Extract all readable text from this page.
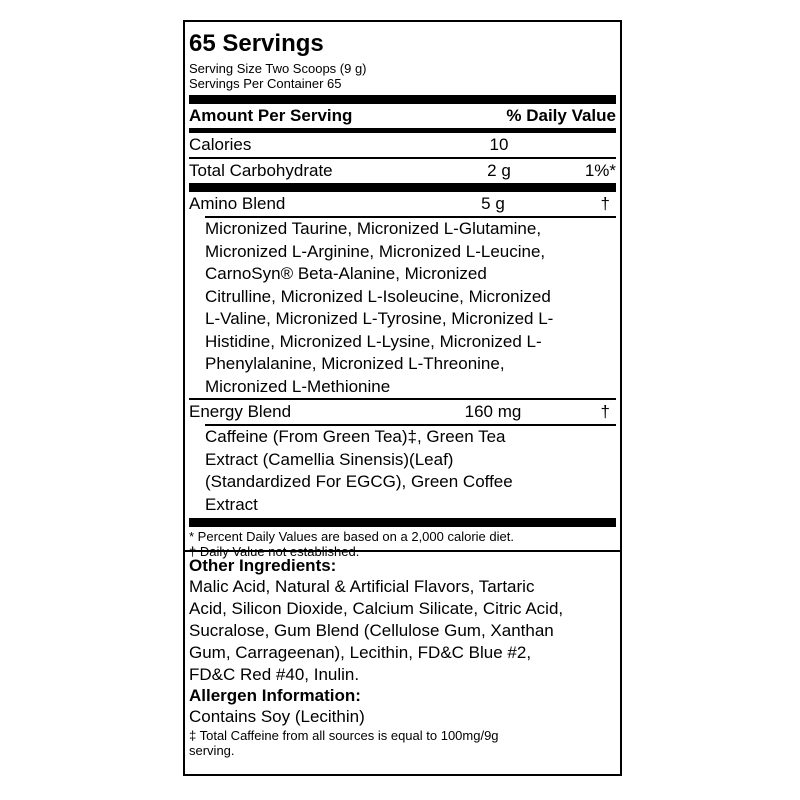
65 Servings
Serving Size Two Scoops (9 g)
Servings Per Container 65
Amount Per Serving	% Daily Value
Calories	10
Total Carbohydrate	2 g	1%*
Amino Blend	5 g	†
Micronized Taurine, Micronized L-Glutamine,
Micronized L-Arginine, Micronized L-Leucine,
CarnoSyn® Beta-Alanine, Micronized
Citrulline, Micronized L-Isoleucine, Micronized
L-Valine, Micronized L-Tyrosine, Micronized L-
Histidine, Micronized L-Lysine, Micronized L-
Phenylalanine, Micronized L-Threonine,
Micronized L-Methionine
Energy Blend	160 mg	†
Caffeine (From Green Tea)‡, Green Tea
Extract (Camellia Sinensis)(Leaf)
(Standardized For EGCG), Green Coffee
Extract
* Percent Daily Values are based on a 2,000 calorie diet.
† Daily Value not established.
Other Ingredients:
Malic Acid, Natural & Artificial Flavors, Tartaric
Acid, Silicon Dioxide, Calcium Silicate, Citric Acid,
Sucralose, Gum Blend (Cellulose Gum, Xanthan
Gum, Carrageenan), Lecithin, FD&C Blue #2,
FD&C Red #40, Inulin.
Allergen Information:
Contains Soy (Lecithin)
‡ Total Caffeine from all sources is equal to 100mg/9g
serving.
